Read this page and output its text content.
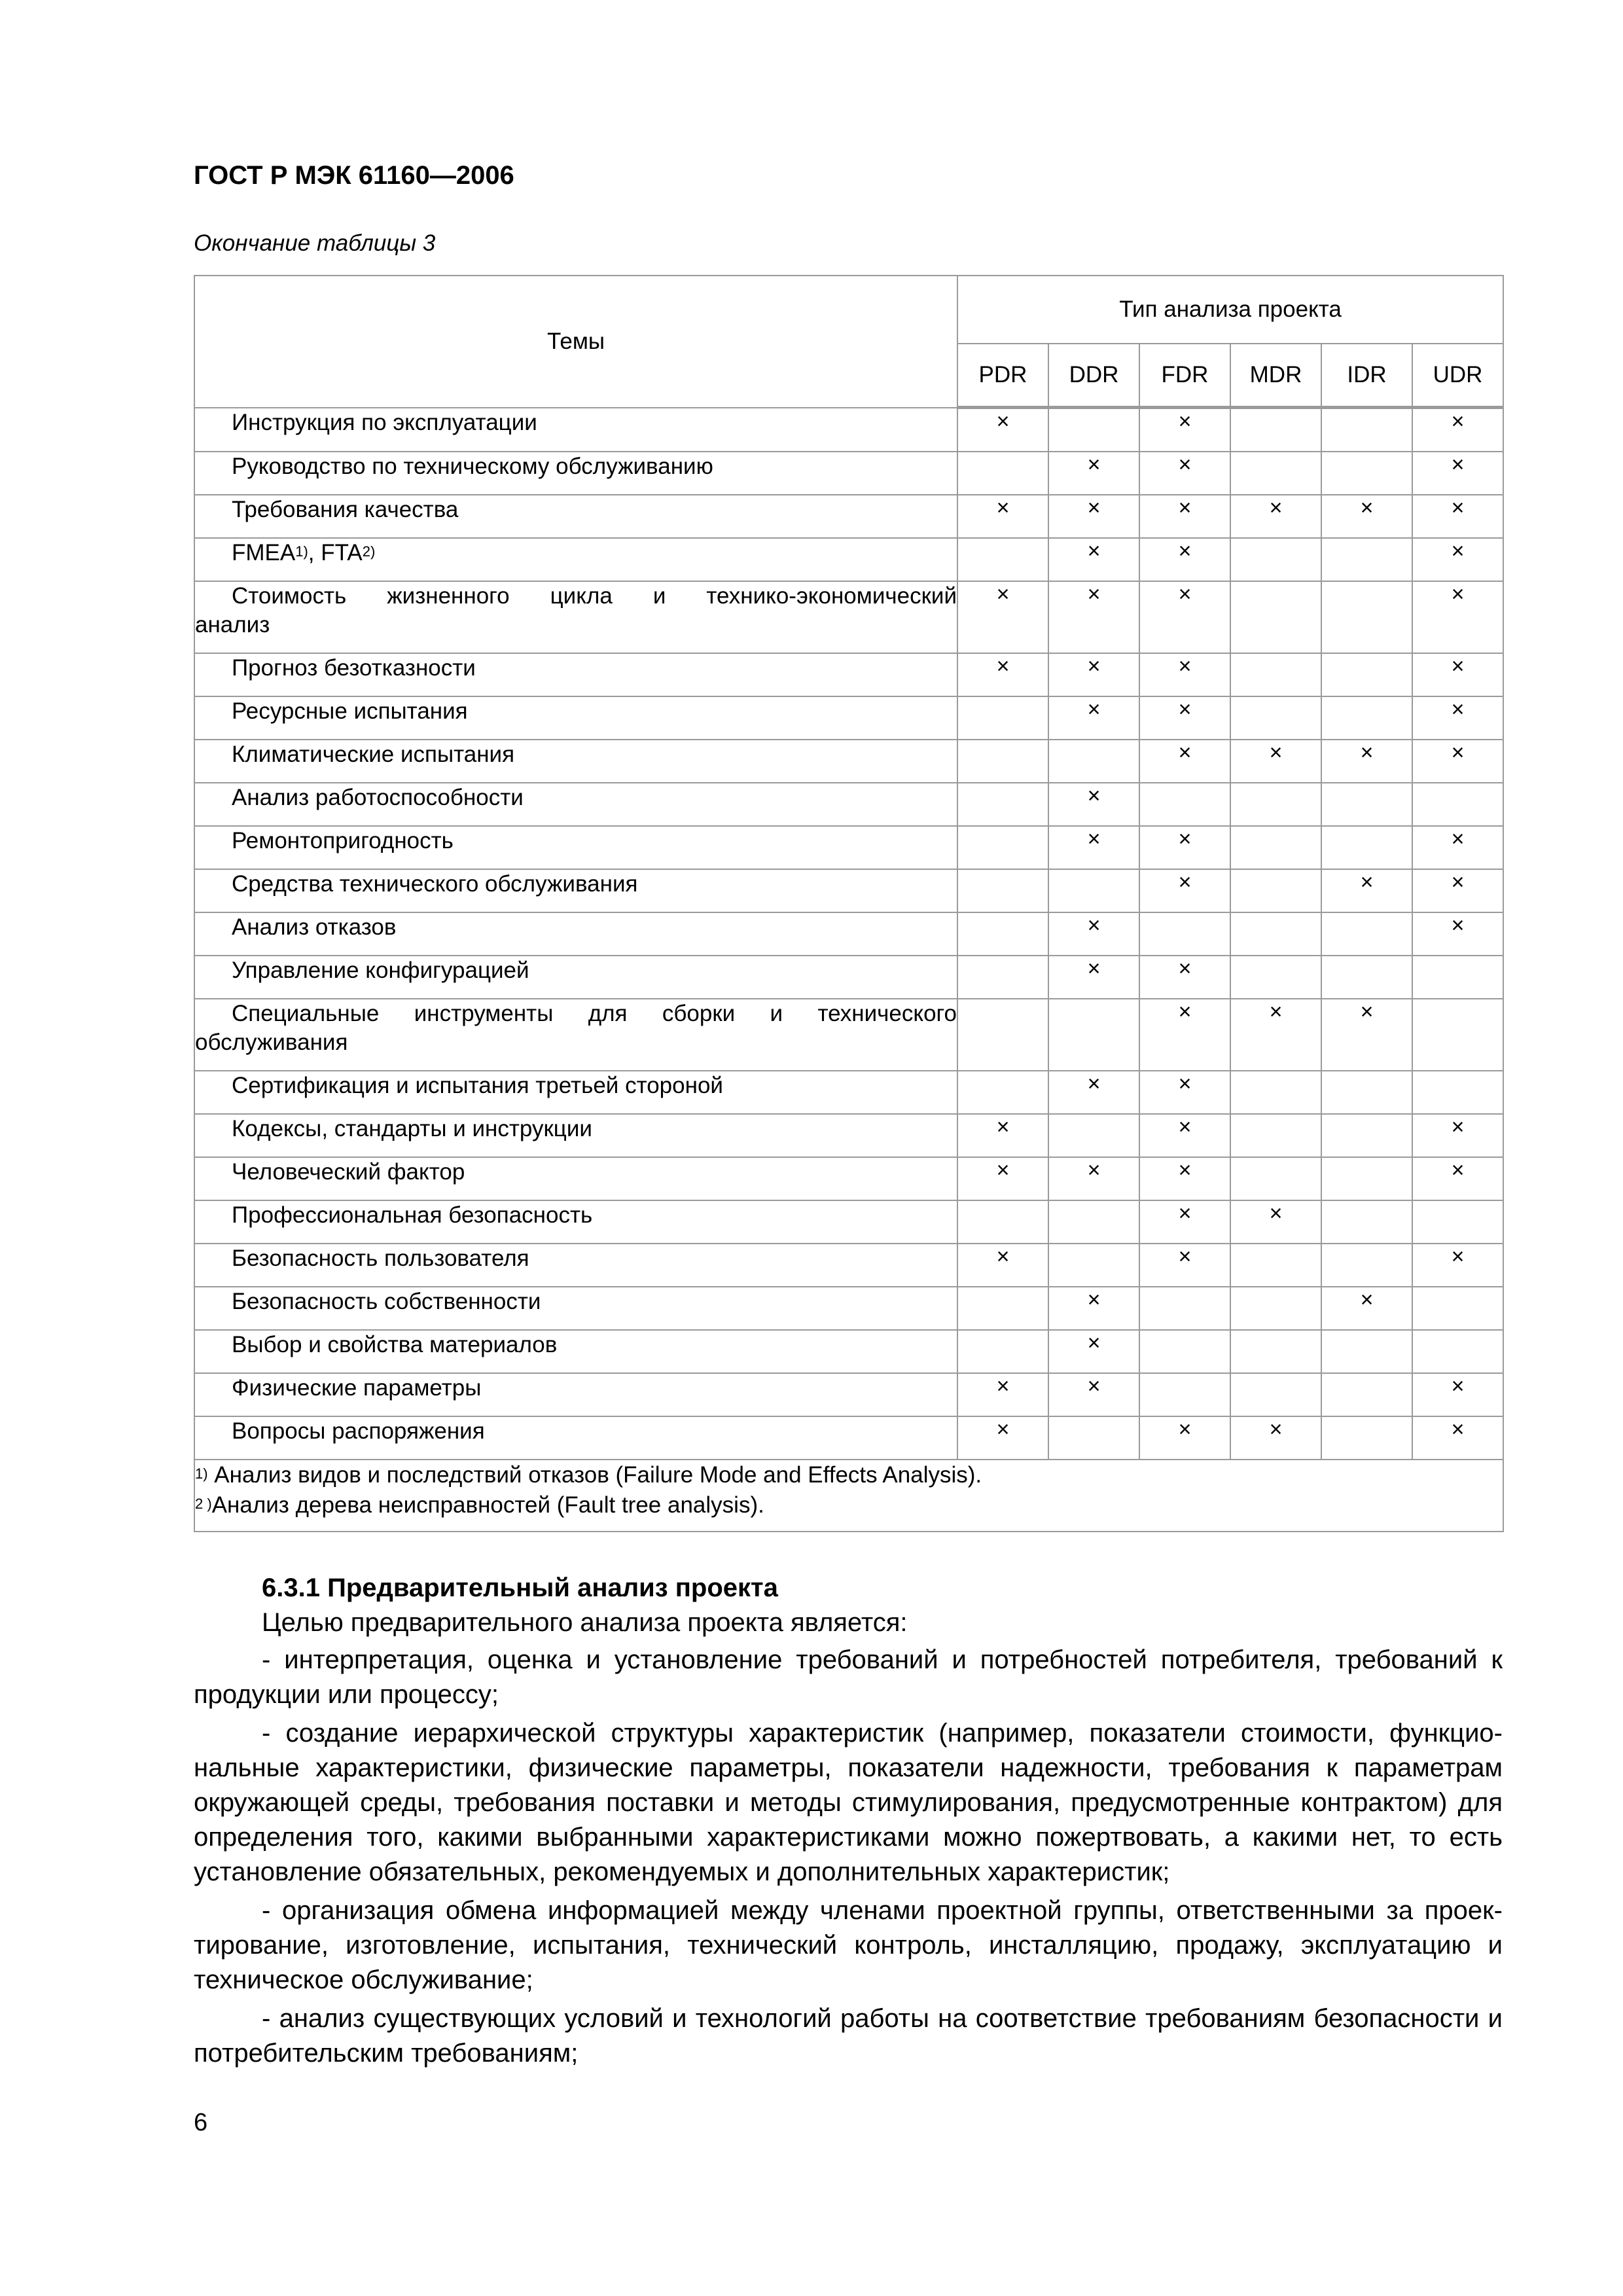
ГОСТ Р МЭК 61160—2006
Окончание таблицы 3
Темы	Тип анализа проекта					
	PDR	DDR	FDR	MDR	IDR	UDR

Инструкция по эксплуатации	×		×			×

Руководство по техническому обслуживанию		×	×			×

Требования качества	×	×	×	×	×	×

FMEA$^{1)}$, FTA$^{2)}$		×	×			×

Стоимость жизненного цикла и технико-экономический
анализ	×	×	×			×

Прогноз безотказности	×	×	×			×

Ресурсные испытания		×	×			×

Климатические испытания			×	×	×	×

Анализ работоспособности		×				

Ремонтопригодность		×	×			×

Средства технического обслуживания			×		×	×

Анализ отказов		×				×

Управление конфигурацией		×	×			

Специальные инструменты для сборки и технического
обслуживания			×	×	×	

Сертификация и испытания третьей стороной		×	×			

Кодексы, стандарты и инструкции	×		×			×

Человеческий фактор	×	×	×			×

Профессиональная безопасность			×	×		

Безопасность пользователя	×		×			×

Безопасность собственности		×			×	

Выбор и свойства материалов		×				

Физические параметры	×	×				×

Вопросы распоряжения	×		×	×		×

$^{1)}$ Анализ видов и последствий отказов (Failure Mode and Effects Analysis).
$^{2 )}$Анализ дерева неисправностей (Fault tree analysis).						
6.3.1 Предварительный анализ проекта

Целью предварительного анализа проекта является:

- интерпретация, оценка и установление требований и потребностей потребителя, требований к продукции или процессу;

- создание иерархической структуры характеристик (например, показатели стоимости, функциональные характеристики, физические параметры, показатели надежности, требования к параметрам окружающей среды, требования поставки и методы стимулирования, предусмотренные контрактом) для определения того, какими выбранными характеристиками можно пожертвовать, а какими нет, то есть установление обязательных, рекомендуемых и дополнительных характеристик;

- организация обмена информацией между членами проектной группы, ответственными за проектирование, изготовление, испытания, технический контроль, инсталляцию, продажу, эксплуатацию и техническое обслуживание;

- анализ существующих условий и технологий работы на соответствие требованиям безопасности и потребительским требованиям;

6
